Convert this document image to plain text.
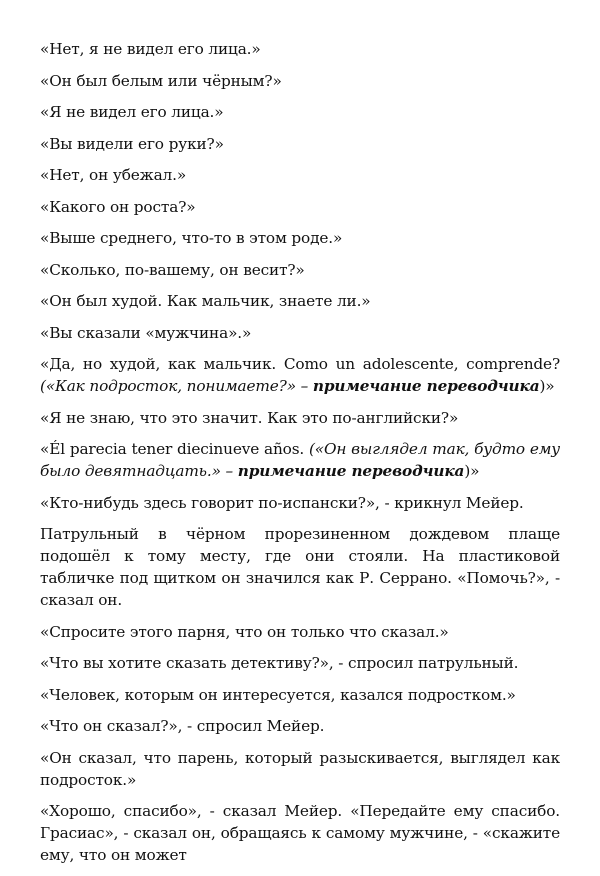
«Нет, я не видел его лица.»

«Он был белым или чёрным?»

«Я не видел его лица.»

«Вы видели его руки?»

«Нет, он убежал.»

«Какого он роста?»

«Выше среднего, что-то в этом роде.»

«Сколько, по-вашему, он весит?»

«Он был худой. Как мальчик, знаете ли.»

«Вы сказали «мужчина».»

«Да, но худой, как мальчик. Como un adolescente, comprende? («Как подросток, понимаете?» – примечание переводчика)»

«Я не знаю, что это значит. Как это по-английски?»

«Él parecia tener diecinueve años. («Он выглядел так, будто ему было девятнадцать.» – примечание переводчика)»

«Кто-нибудь здесь говорит по-испански?», - крикнул Мейер.

Патрульный в чёрном прорезиненном дождевом плаще подошёл к тому месту, где они стояли. На пластиковой табличке под щитком он значился как Р. Серрано. «Помочь?», - сказал он.

«Спросите этого парня, что он только что сказал.»

«Что вы хотите сказать детективу?», - спросил патрульный.

«Человек, которым он интересуется, казался подростком.»

«Что он сказал?», - спросил Мейер.

«Он сказал, что парень, который разыскивается, выглядел как подросток.»

«Хорошо, спасибо», - сказал Мейер. «Передайте ему спасибо. Грасиас», - сказал он, обращаясь к самому мужчине, - «скажите ему, что он может
